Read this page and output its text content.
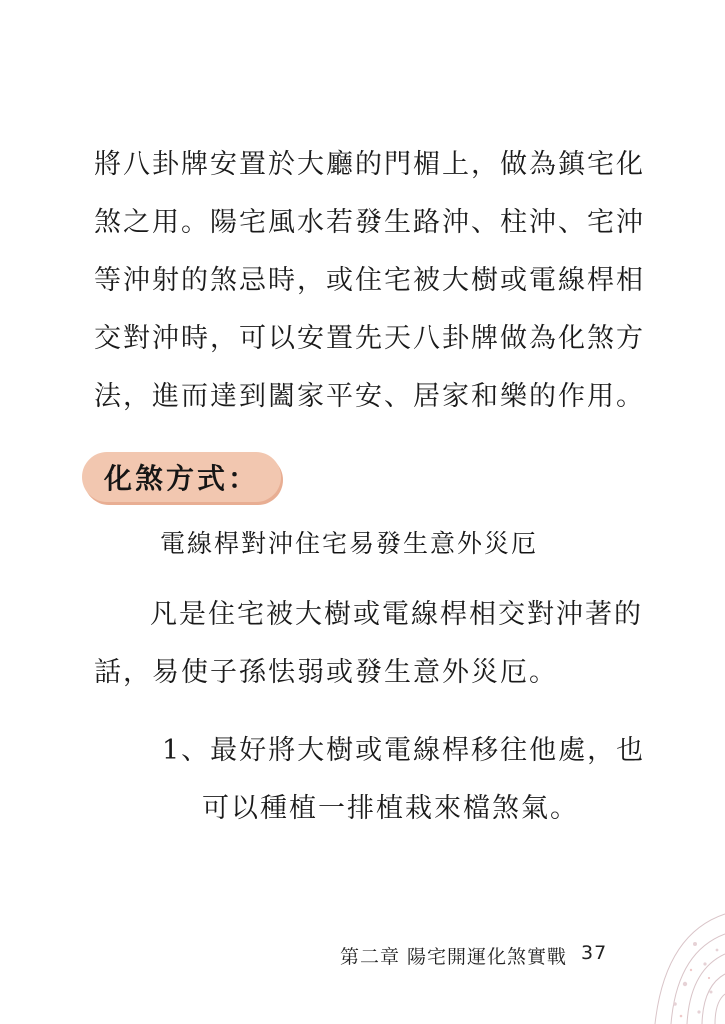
將八卦牌安置於大廳的門楣上，做為鎮宅化
煞之用。陽宅風水若發生路沖、柱沖、宅沖
等沖射的煞忌時，或住宅被大樹或電線桿相
交對沖時，可以安置先天八卦牌做為化煞方
法，進而達到闔家平安、居家和樂的作用。
化煞方式：
電線桿對沖住宅易發生意外災厄
凡是住宅被大樹或電線桿相交對沖著的
話，易使子孫怯弱或發生意外災厄。
1、最好將大樹或電線桿移往他處，也
可以種植一排植栽來檔煞氣。
第二章 陽宅開運化煞實戰 37
